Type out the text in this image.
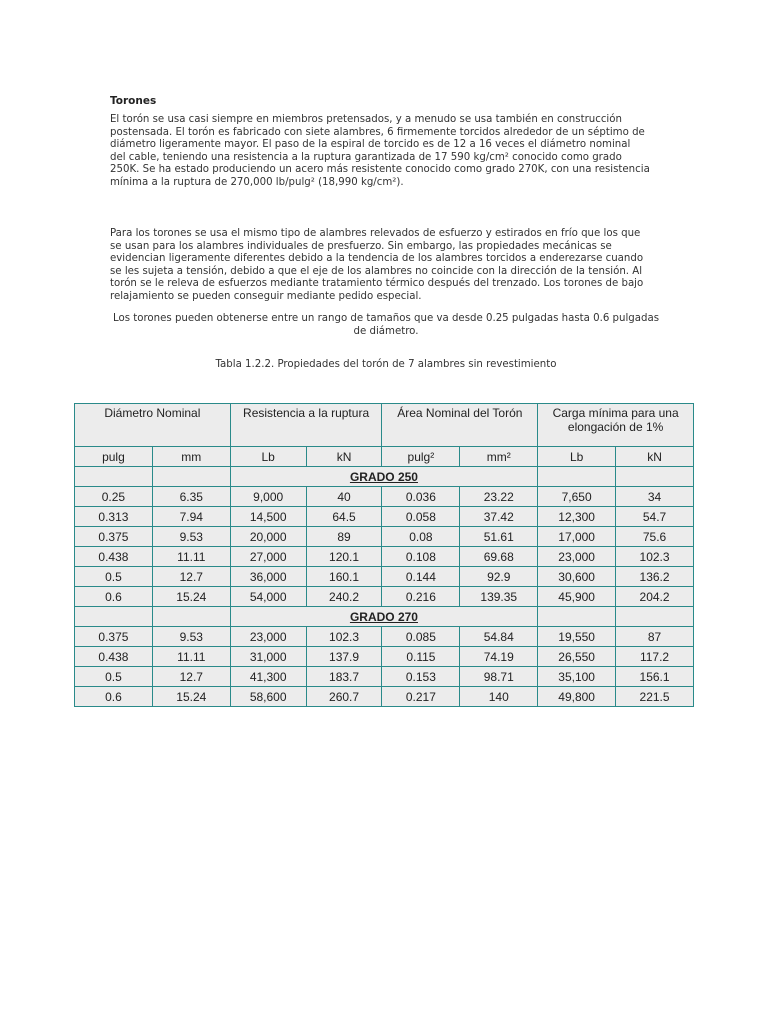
Torones

El torón se usa casi siempre en miembros pretensados, y a menudo se usa también en construcción

postensada. El torón es fabricado con siete alambres, 6 firmemente torcidos alrededor de un séptimo de

diámetro ligeramente mayor. El paso de la espiral de torcido es de 12 a 16 veces el diámetro nominal

del cable, teniendo una resistencia a la ruptura garantizada de 17 590 kg/cm² conocido como grado

250K. Se ha estado produciendo un acero más resistente conocido como grado 270K, con una resistencia

mínima a la ruptura de 270,000 lb/pulg² (18,990 kg/cm²).

Para los torones se usa el mismo tipo de alambres relevados de esfuerzo y estirados en frío que los que

se usan para los alambres individuales de presfuerzo. Sin embargo, las propiedades mecánicas se

evidencian ligeramente diferentes debido a la tendencia de los alambres torcidos a enderezarse cuando

se les sujeta a tensión, debido a que el eje de los alambres no coincide con la dirección de la tensión. Al

torón se le releva de esfuerzos mediante tratamiento térmico después del trenzado. Los torones de bajo

relajamiento se pueden conseguir mediante pedido especial.

Los torones pueden obtenerse entre un rango de tamaños que va desde 0.25 pulgadas hasta 0.6 pulgadas

de diámetro.

Tabla 1.2.2. Propiedades del torón de 7 alambres sin revestimiento
Diámetro Nominal		Resistencia a la ruptura		Área Nominal del Torón		Carga mínima para una elongación de 1%	
pulg	mm	Lb	kN	pulg²	mm²	Lb	kN
		GRADO 250					
0.25	6.35	9,000	40	0.036	23.22	7,650	34
0.313	7.94	14,500	64.5	0.058	37.42	12,300	54.7
0.375	9.53	20,000	89	0.08	51.61	17,000	75.6
0.438	11.11	27,000	120.1	0.108	69.68	23,000	102.3
0.5	12.7	36,000	160.1	0.144	92.9	30,600	136.2
0.6	15.24	54,000	240.2	0.216	139.35	45,900	204.2
		GRADO 270					
0.375	9.53	23,000	102.3	0.085	54.84	19,550	87
0.438	11.11	31,000	137.9	0.115	74.19	26,550	117.2
0.5	12.7	41,300	183.7	0.153	98.71	35,100	156.1
0.6	15.24	58,600	260.7	0.217	140	49,800	221.5
